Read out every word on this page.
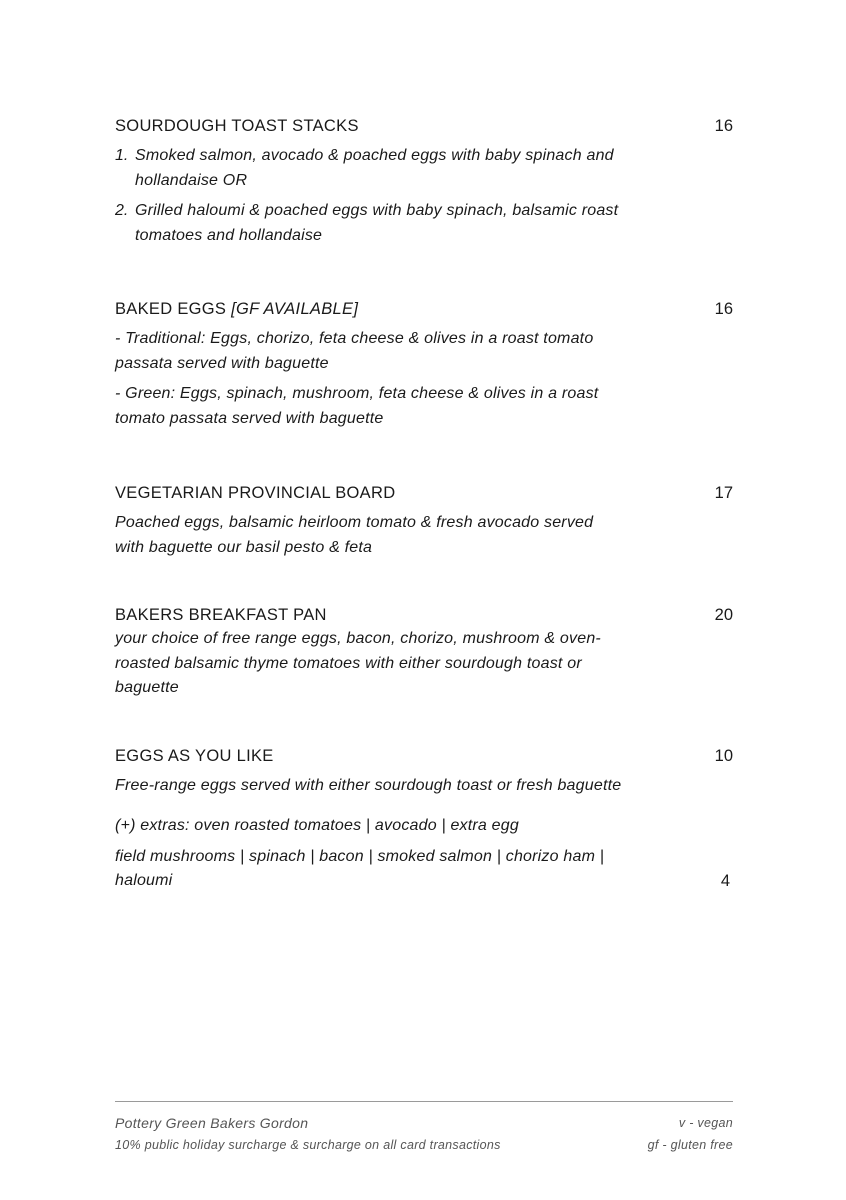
SOURDOUGH TOAST STACKS	16
1. Smoked salmon, avocado & poached eggs with baby spinach and hollandaise OR
2. Grilled haloumi & poached eggs with baby spinach, balsamic roast tomatoes and hollandaise
BAKED EGGS [GF AVAILABLE]	16

- Traditional: Eggs, chorizo, feta cheese & olives in a roast tomato passata served with baguette

- Green: Eggs, spinach, mushroom, feta cheese & olives in a roast tomato passata served with baguette

VEGETARIAN PROVINCIAL BOARD	17

Poached eggs, balsamic heirloom tomato & fresh avocado served with baguette our basil pesto & feta

BAKERS BREAKFAST PAN	20

your choice of free range eggs, bacon, chorizo, mushroom & oven-roasted balsamic thyme tomatoes with either sourdough toast or baguette

EGGS AS YOU LIKE	10

Free-range eggs served with either sourdough toast or fresh baguette

(+) extras: oven roasted tomatoes | avocado | extra egg
field mushrooms | spinach | bacon | smoked salmon | chorizo ham | haloumi	4
Pottery Green Bakers Gordon
10% public holiday surcharge & surcharge on all card transactions
v - vegan
gf - gluten free
